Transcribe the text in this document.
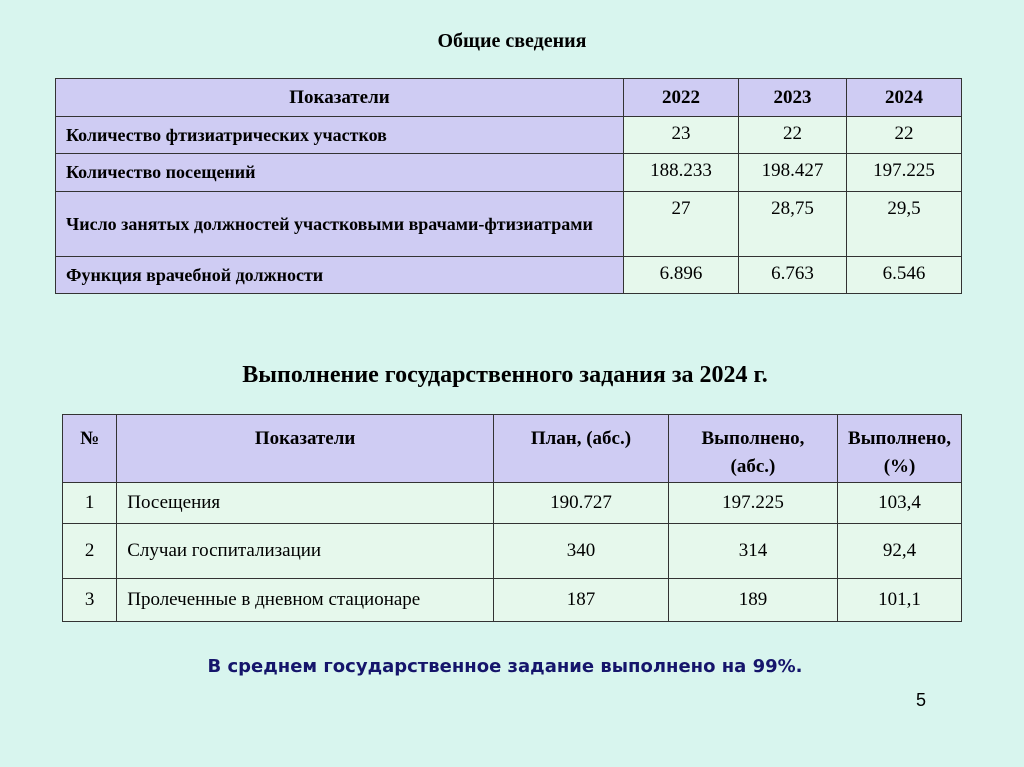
Общие сведения
Показатели	2022	2023	2024
Количество фтизиатрических участков	23	22	22
Количество посещений	188.233	198.427	197.225
Число занятых должностей участковыми врачами-фтизиатрами	27	28,75	29,5
Функция врачебной должности	6.896	6.763	6.546
Выполнение государственного задания за 2024 г.
№	Показатели	План, (абс.)	Выполнено, (абс.)	Выполнено, (%)
1	Посещения	190.727	197.225	103,4
2	Случаи госпитализации	340	314	92,4
3	Пролеченные в дневном стационаре	187	189	101,1
В среднем государственное задание выполнено на 99%.
5
